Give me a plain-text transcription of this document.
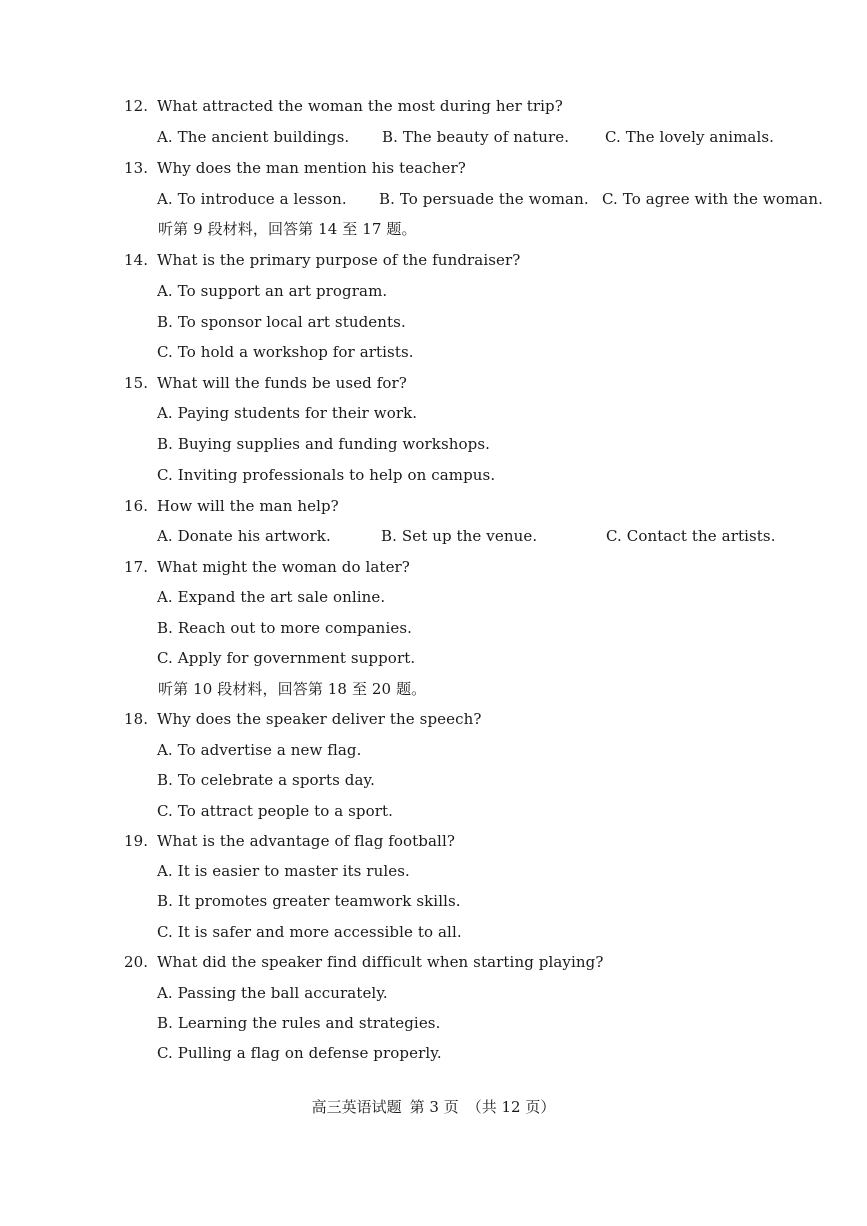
12. What attracted the woman the most during her trip?
A. The ancient buildings. B. The beauty of nature. C. The lovely animals.
13. Why does the man mention his teacher?
A. To introduce a lesson. B. To persuade the woman. C. To agree with the woman.
听第 9 段材料，回答第 14 至 17 题。
14. What is the primary purpose of the fundraiser?
A. To support an art program.
B. To sponsor local art students.
C. To hold a workshop for artists.
15. What will the funds be used for?
A. Paying students for their work.
B. Buying supplies and funding workshops.
C. Inviting professionals to help on campus.
16. How will the man help?
A. Donate his artwork.	B. Set up the venue.	C. Contact the artists.
17. What might the woman do later?
A. Expand the art sale online.
B. Reach out to more companies.
C. Apply for government support.
听第 10 段材料，回答第 18 至 20 题。
18. Why does the speaker deliver the speech?
A. To advertise a new flag.
B. To celebrate a sports day.
C. To attract people to a sport.
19. What is the advantage of flag football?
A. It is easier to master its rules.
B. It promotes greater teamwork skills.
C. It is safer and more accessible to all.
20. What did the speaker find difficult when starting playing?
A. Passing the ball accurately.
B. Learning the rules and strategies.
C. Pulling a flag on defense properly.
高三英语试题 第 3 页 （共 12 页）
